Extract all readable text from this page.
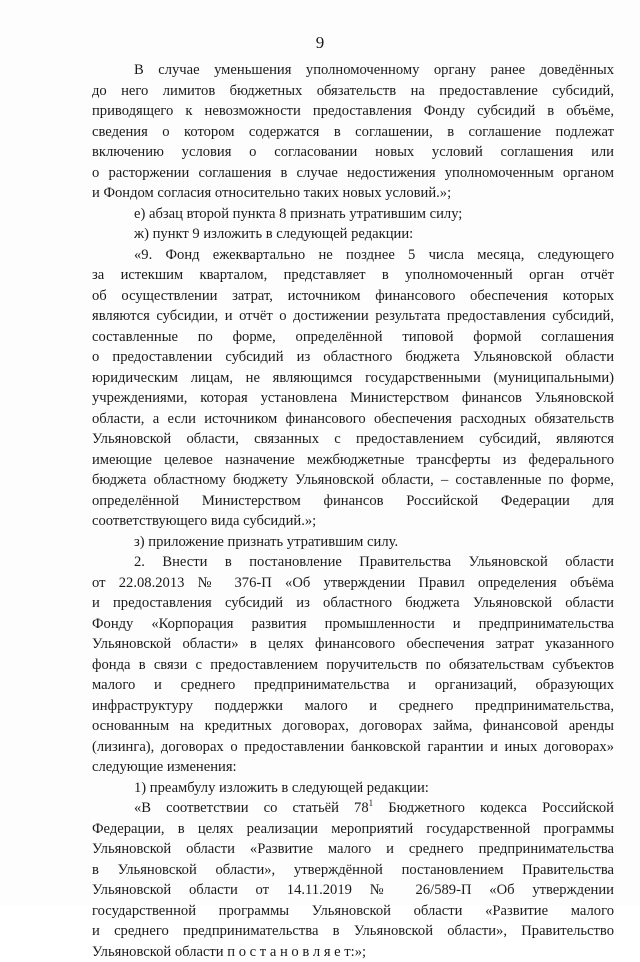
9
В случае уменьшения уполномоченному органу ранее доведённых
до него лимитов бюджетных обязательств на предоставление субсидий,
приводящего к невозможности предоставления Фонду субсидий в объёме,
сведения о котором содержатся в соглашении, в соглашение подлежат
включению условия о согласовании новых условий соглашения или
о расторжении соглашения в случае недостижения уполномоченным органом
и Фондом согласия относительно таких новых условий.»;
е) абзац второй пункта 8 признать утратившим силу;
ж) пункт 9 изложить в следующей редакции:
«9. Фонд ежеквартально не позднее 5 числа месяца, следующего
за истекшим кварталом, представляет в уполномоченный орган отчёт
об осуществлении затрат, источником финансового обеспечения которых
являются субсидии, и отчёт о достижении результата предоставления субсидий,
составленные по форме, определённой типовой формой соглашения
о предоставлении субсидий из областного бюджета Ульяновской области
юридическим лицам, не являющимся государственными (муниципальными)
учреждениями, которая установлена Министерством финансов Ульяновской
области, а если источником финансового обеспечения расходных обязательств
Ульяновской области, связанных с предоставлением субсидий, являются
имеющие целевое назначение межбюджетные трансферты из федерального
бюджета областному бюджету Ульяновской области, – составленные по форме,
определённой Министерством финансов Российской Федерации для
соответствующего вида субсидий.»;
з) приложение признать утратившим силу.
2. Внести в постановление Правительства Ульяновской области
от 22.08.2013 № 376-П «Об утверждении Правил определения объёма
и предоставления субсидий из областного бюджета Ульяновской области
Фонду «Корпорация развития промышленности и предпринимательства
Ульяновской области» в целях финансового обеспечения затрат указанного
фонда в связи с предоставлением поручительств по обязательствам субъектов
малого и среднего предпринимательства и организаций, образующих
инфраструктуру поддержки малого и среднего предпринимательства,
основанным на кредитных договорах, договорах займа, финансовой аренды
(лизинга), договорах о предоставлении банковской гарантии и иных договорах»
следующие изменения:
1) преамбулу изложить в следующей редакции:
«В соответствии со статьёй $78^1$ Бюджетного кодекса Российской
Федерации, в целях реализации мероприятий государственной программы
Ульяновской области «Развитие малого и среднего предпринимательства
в Ульяновской области», утверждённой постановлением Правительства
Ульяновской области от 14.11.2019 № 26/589-П «Об утверждении
государственной программы Ульяновской области «Развитие малого
и среднего предпринимательства в Ульяновской области», Правительство
Ульяновской области п о с т а н о в л я е т:»;
